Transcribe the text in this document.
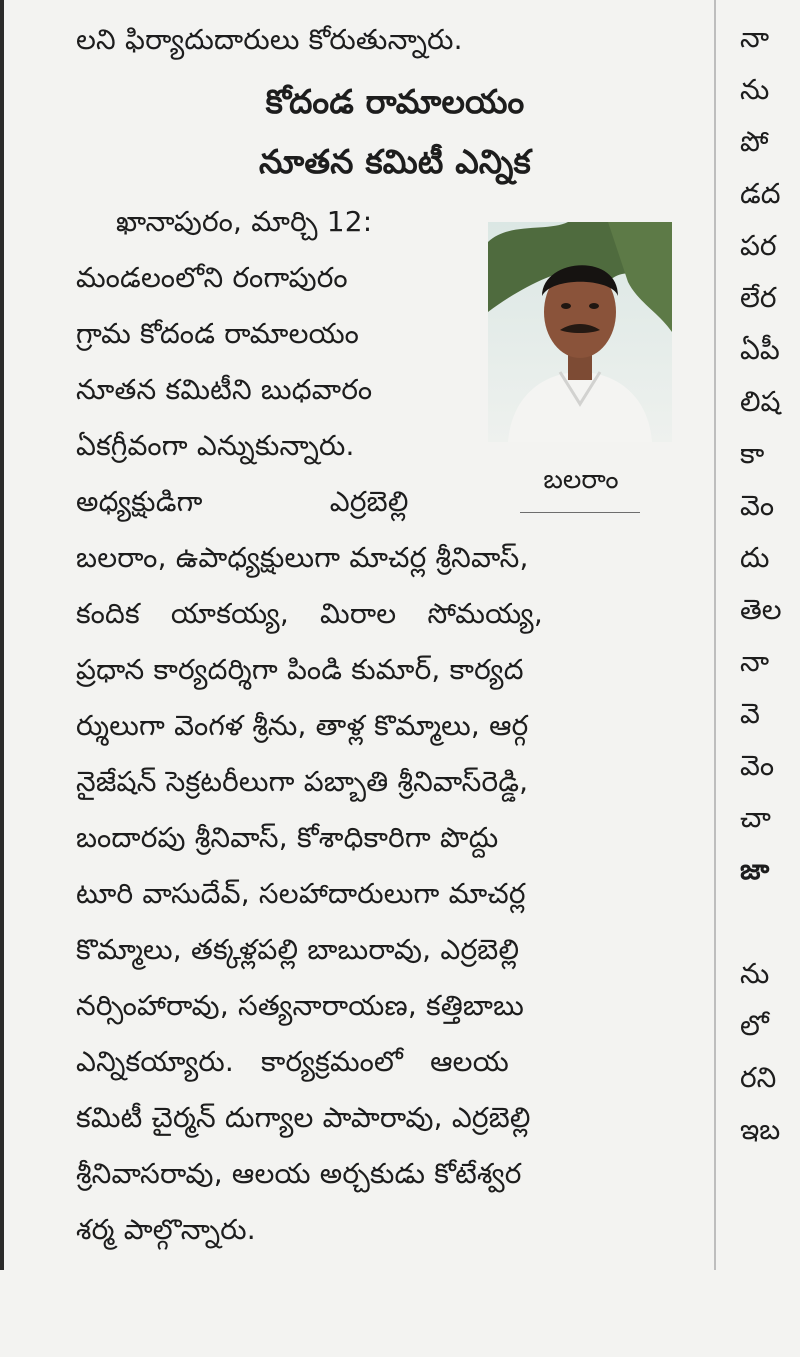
లని ఫిర్యాదుదారులు కోరుతున్నారు.
కోదండ రామాలయం
నూతన కమిటీ ఎన్నిక
ఖానాపురం, మార్చి 12:
మండలంలోని రంగాపురం
గ్రామ కోదండ రామాలయం
నూతన కమిటీని బుధవారం
ఏకగ్రీవంగా ఎన్నుకున్నారు.
అధ్యక్షుడిగా ఎర్రబెల్లి
బలరాం, ఉపాధ్యక్షులుగా మాచర్ల శ్రీనివాస్,
కందిక యాకయ్య, మిరాల సోమయ్య,
ప్రధాన కార్యదర్శిగా పిండి కుమార్, కార్యద
ర్శులుగా వెంగళ శ్రీను, తాళ్ల కొమ్మాలు, ఆర్గ
నైజేషన్ సెక్రటరీలుగా పబ్బాతి శ్రీనివాస్‌రెడ్డి,
బందారపు శ్రీనివాస్, కోశాధికారిగా పొద్దు
టూరి వాసుదేవ్, సలహాదారులుగా మాచర్ల
కొమ్మాలు, తక్కళ్లపల్లి బాబురావు, ఎర్రబెల్లి
నర్సింహారావు, సత్యనారాయణ, కత్తిబాబు
ఎన్నికయ్యారు. కార్యక్రమంలో ఆలయ
కమిటీ చైర్మన్ దుగ్యాల పాపారావు, ఎర్రబెల్లి
శ్రీనివాసరావు, ఆలయ అర్చకుడు కోటేశ్వర
శర్మ పాల్గొన్నారు.
బలరాం
నా
ను
పో
డద
పర
లేర
ఏపీ
లిష
కా
వెం
దు
తెల
నా
వె
వెం
చా
జా

ను
లో
రని
ఇబ
